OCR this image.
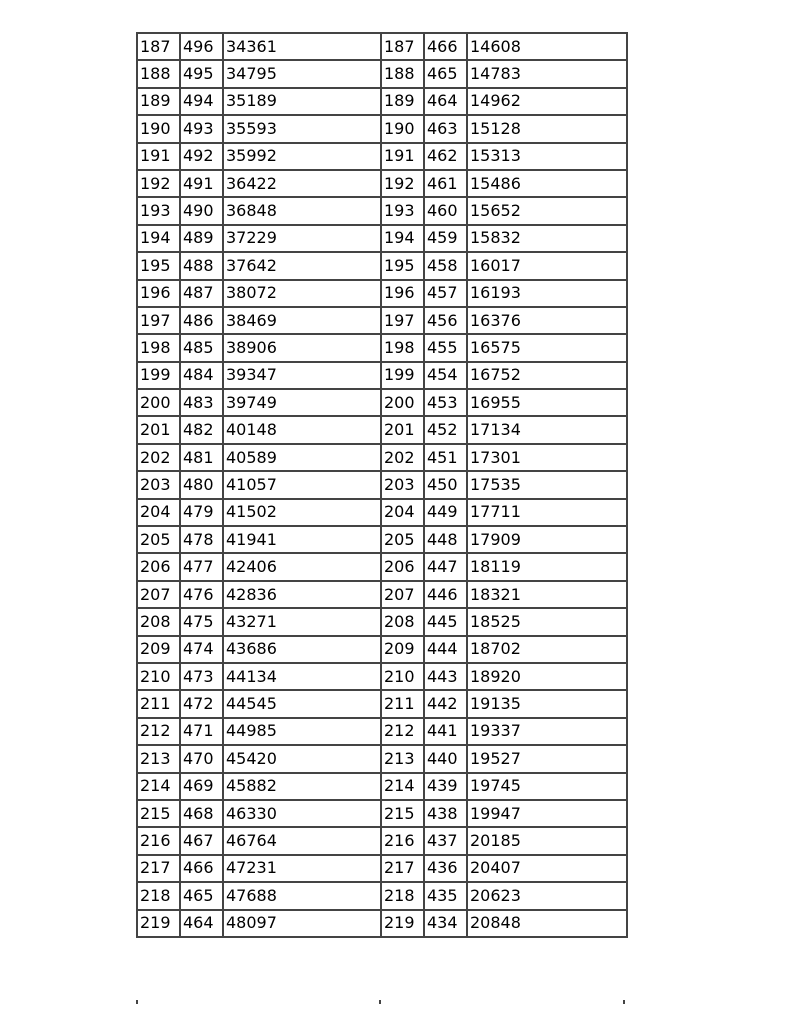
187	496	34361	187	466	14608
188	495	34795	188	465	14783
189	494	35189	189	464	14962
190	493	35593	190	463	15128
191	492	35992	191	462	15313
192	491	36422	192	461	15486
193	490	36848	193	460	15652
194	489	37229	194	459	15832
195	488	37642	195	458	16017
196	487	38072	196	457	16193
197	486	38469	197	456	16376
198	485	38906	198	455	16575
199	484	39347	199	454	16752
200	483	39749	200	453	16955
201	482	40148	201	452	17134
202	481	40589	202	451	17301
203	480	41057	203	450	17535
204	479	41502	204	449	17711
205	478	41941	205	448	17909
206	477	42406	206	447	18119
207	476	42836	207	446	18321
208	475	43271	208	445	18525
209	474	43686	209	444	18702
210	473	44134	210	443	18920
211	472	44545	211	442	19135
212	471	44985	212	441	19337
213	470	45420	213	440	19527
214	469	45882	214	439	19745
215	468	46330	215	438	19947
216	467	46764	216	437	20185
217	466	47231	217	436	20407
218	465	47688	218	435	20623
219	464	48097	219	434	20848
